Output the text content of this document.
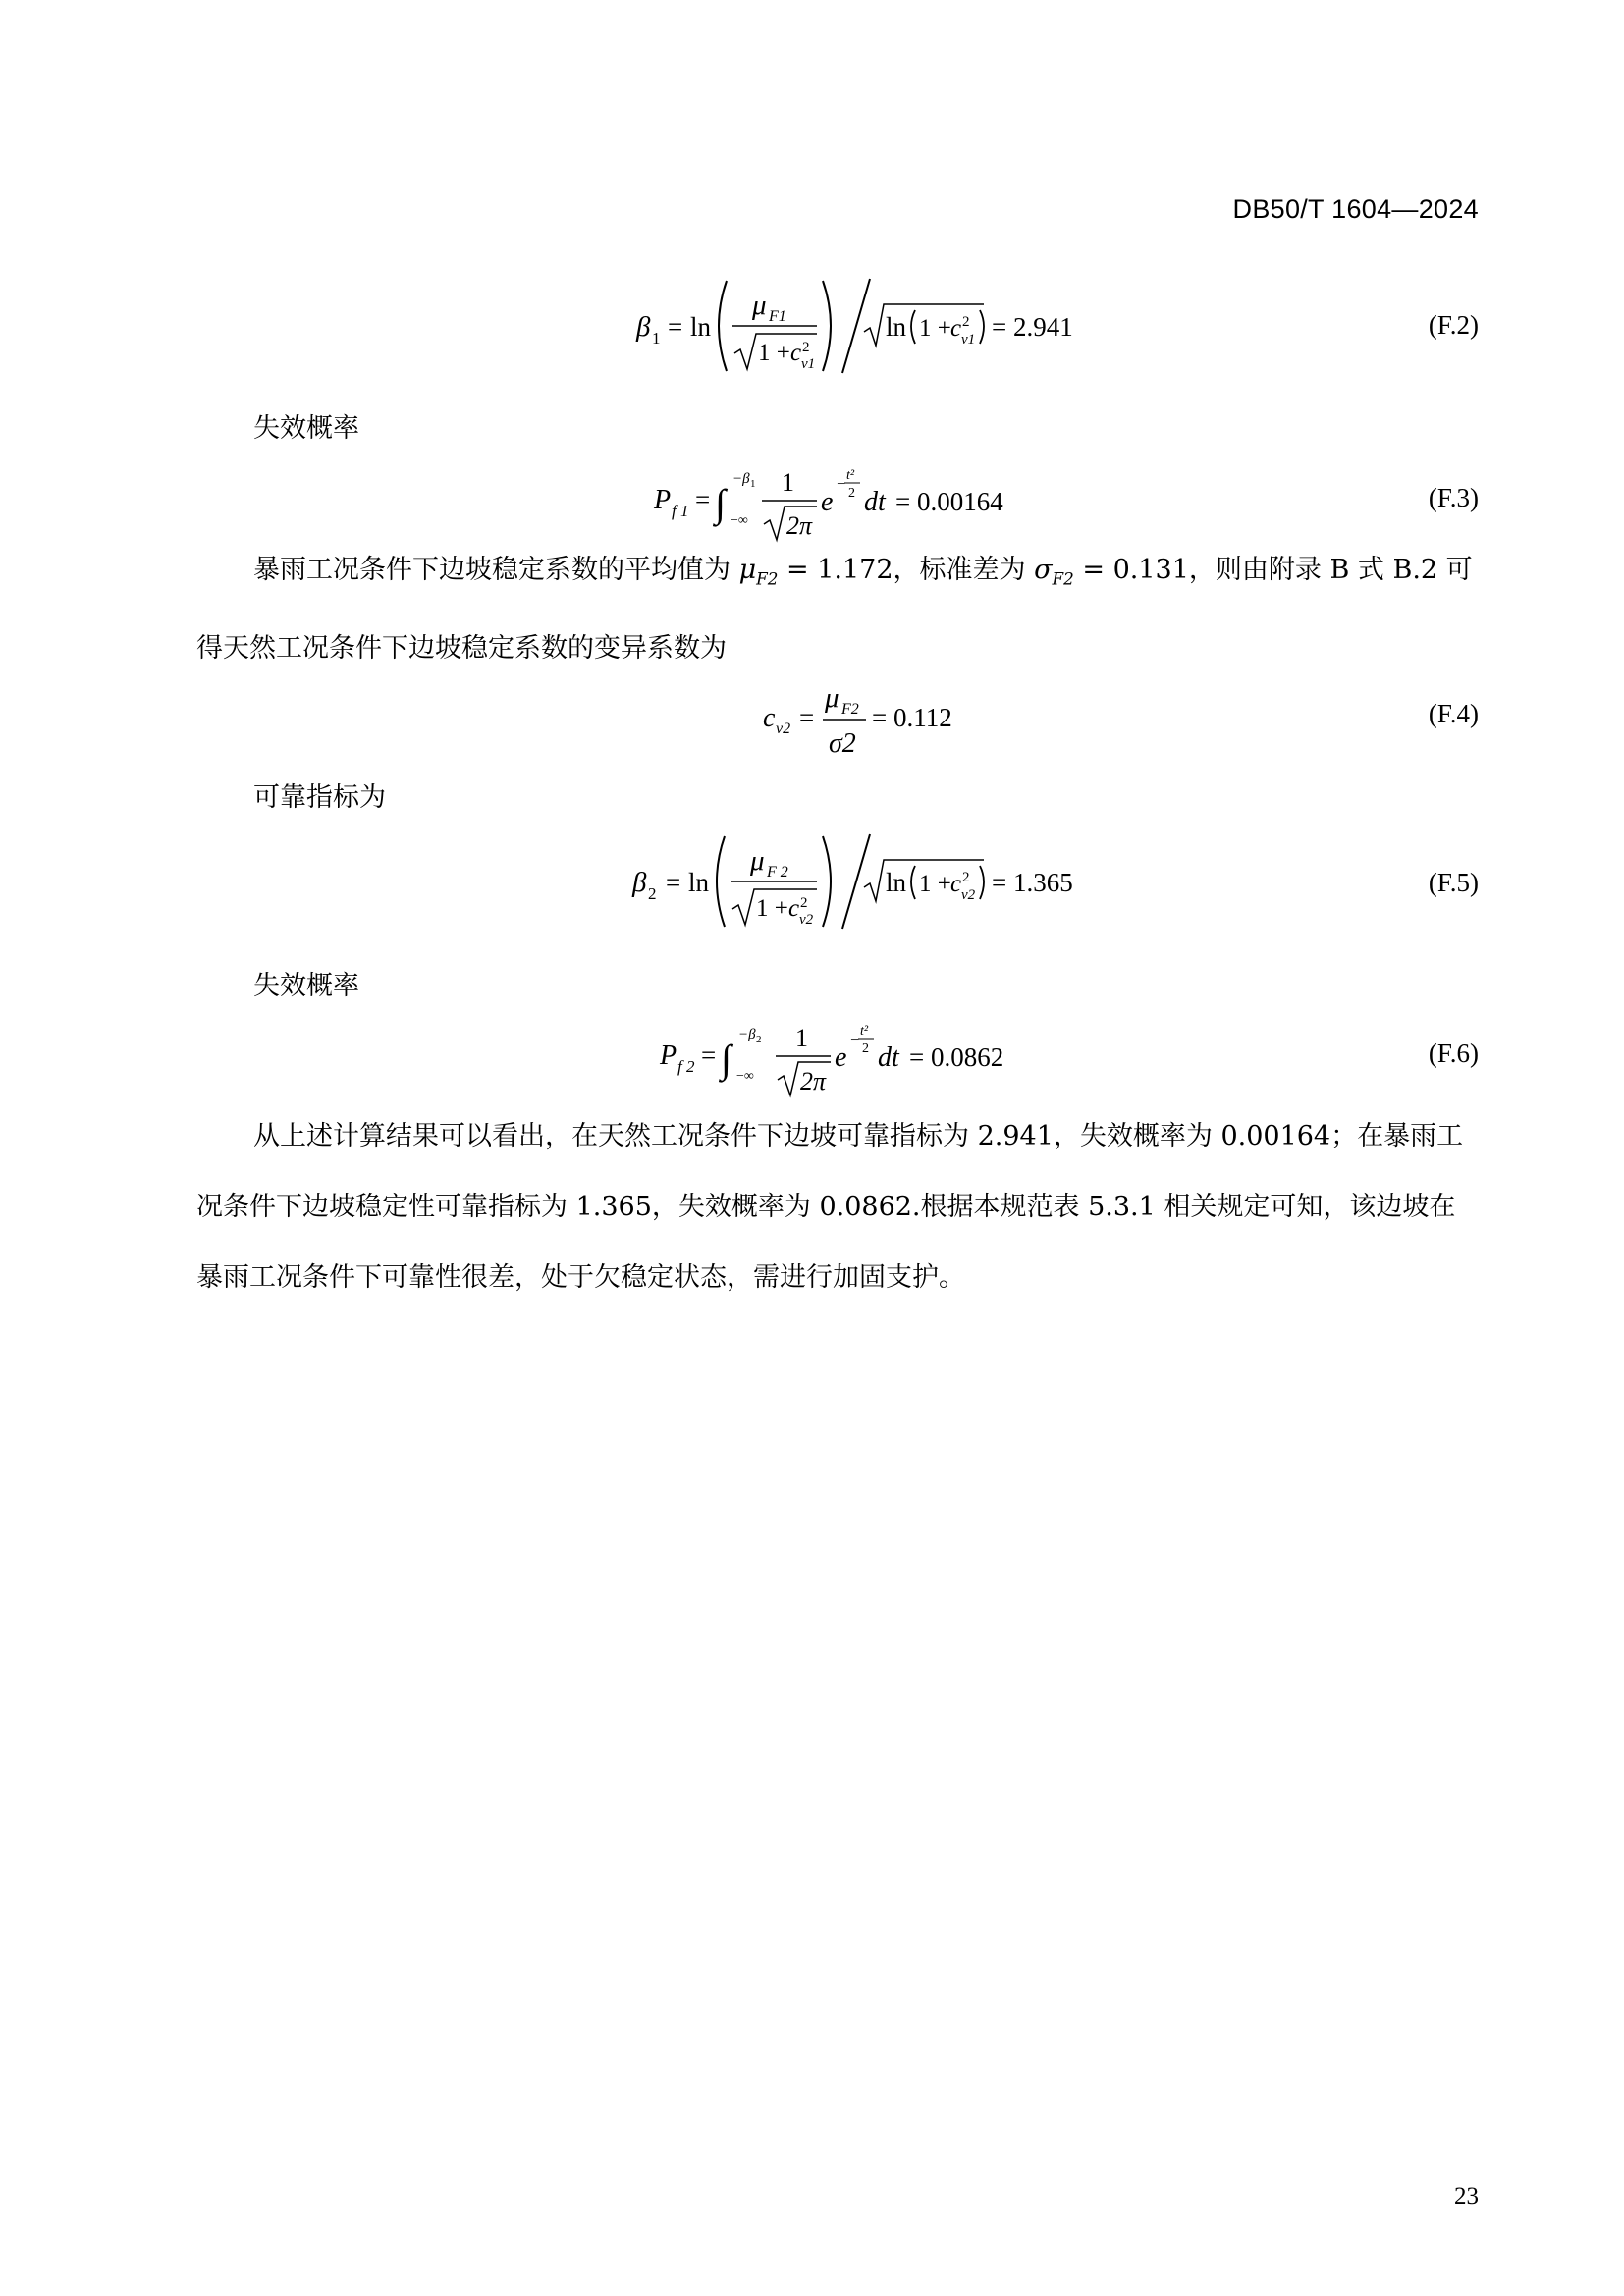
DB50/T 1604—2024
β 1 = ln
μ F1
1 + c 2
v1
ln 1 + c 2
v1 = 2.941	(F.2)
失效概率
P f 1 = ∫
−β 1
−∞
1
2π
e
−
t²
2 dt = 0.00164	(F.3)
暴雨工况条件下边坡稳定系数的平均值为 $\mu_{F2} = 1.172$，标准差为 $\sigma_{F2} = 0.131$，则由附录 B 式 B.2 可得天然工况条件下边坡稳定系数的变异系数为
c v2 =
μ F2
σ2
= 0.112	(F.4)
可靠指标为
β 2 = ln
μ F 2
1 + c 2
v2
ln 1 + c 2
v2 = 1.365	(F.5)
失效概率
P f 2 = ∫
−β 2
−∞
1
2π
e
−
t²
2 dt = 0.0862	(F.6)
从上述计算结果可以看出，在天然工况条件下边坡可靠指标为 2.941，失效概率为 0.00164；在暴雨工况条件下边坡稳定性可靠指标为 1.365，失效概率为 0.0862.根据本规范表 5.3.1 相关规定可知，该边坡在暴雨工况条件下可靠性很差，处于欠稳定状态，需进行加固支护。
23
